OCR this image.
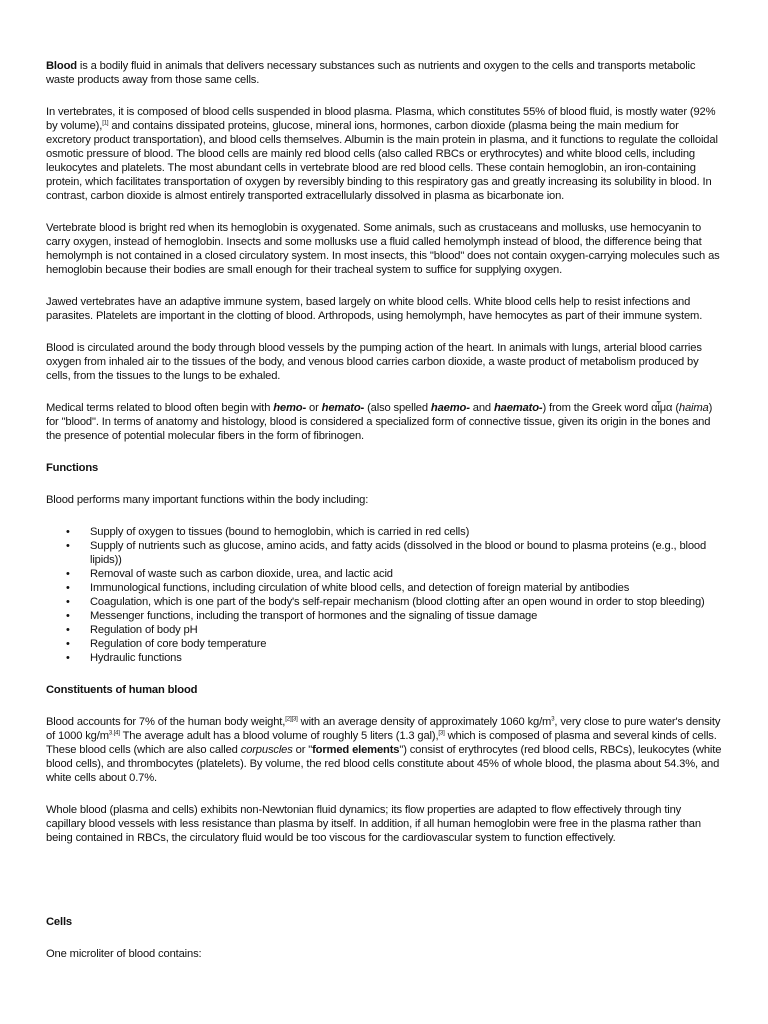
Blood is a bodily fluid in animals that delivers necessary substances such as nutrients and oxygen to the cells and transports metabolic waste products away from those same cells.

In vertebrates, it is composed of blood cells suspended in blood plasma. Plasma, which constitutes 55% of blood fluid, is mostly water (92% by volume),[1] and contains dissipated proteins, glucose, mineral ions, hormones, carbon dioxide (plasma being the main medium for excretory product transportation), and blood cells themselves. Albumin is the main protein in plasma, and it functions to regulate the colloidal osmotic pressure of blood. The blood cells are mainly red blood cells (also called RBCs or erythrocytes) and white blood cells, including leukocytes and platelets. The most abundant cells in vertebrate blood are red blood cells. These contain hemoglobin, an iron-containing protein, which facilitates transportation of oxygen by reversibly binding to this respiratory gas and greatly increasing its solubility in blood. In contrast, carbon dioxide is almost entirely transported extracellularly dissolved in plasma as bicarbonate ion.

Vertebrate blood is bright red when its hemoglobin is oxygenated. Some animals, such as crustaceans and mollusks, use hemocyanin to carry oxygen, instead of hemoglobin. Insects and some mollusks use a fluid called hemolymph instead of blood, the difference being that hemolymph is not contained in a closed circulatory system. In most insects, this "blood" does not contain oxygen-carrying molecules such as hemoglobin because their bodies are small enough for their tracheal system to suffice for supplying oxygen.

Jawed vertebrates have an adaptive immune system, based largely on white blood cells. White blood cells help to resist infections and parasites. Platelets are important in the clotting of blood. Arthropods, using hemolymph, have hemocytes as part of their immune system.

Blood is circulated around the body through blood vessels by the pumping action of the heart. In animals with lungs, arterial blood carries oxygen from inhaled air to the tissues of the body, and venous blood carries carbon dioxide, a waste product of metabolism produced by cells, from the tissues to the lungs to be exhaled.

Medical terms related to blood often begin with hemo- or hemato- (also spelled haemo- and haemato-) from the Greek word αἷμα (haima) for "blood". In terms of anatomy and histology, blood is considered a specialized form of connective tissue, given its origin in the bones and the presence of potential molecular fibers in the form of fibrinogen.

Functions

Blood performs many important functions within the body including:

• Supply of oxygen to tissues (bound to hemoglobin, which is carried in red cells)
• Supply of nutrients such as glucose, amino acids, and fatty acids (dissolved in the blood or bound to plasma proteins (e.g., blood lipids))
• Removal of waste such as carbon dioxide, urea, and lactic acid
• Immunological functions, including circulation of white blood cells, and detection of foreign material by antibodies
• Coagulation, which is one part of the body's self-repair mechanism (blood clotting after an open wound in order to stop bleeding)
• Messenger functions, including the transport of hormones and the signaling of tissue damage
• Regulation of body pH
• Regulation of core body temperature
• Hydraulic functions
Constituents of human blood

Blood accounts for 7% of the human body weight,[2][3] with an average density of approximately 1060 $kg/m^3$, very close to pure water's density of 1000 $kg/m^{3.[4]}$ The average adult has a blood volume of roughly 5 liters (1.3 gal),[3] which is composed of plasma and several kinds of cells. These blood cells (which are also called corpuscles or "formed elements") consist of erythrocytes (red blood cells, RBCs), leukocytes (white blood cells), and thrombocytes (platelets). By volume, the red blood cells constitute about 45% of whole blood, the plasma about 54.3%, and white cells about 0.7%.

Whole blood (plasma and cells) exhibits non-Newtonian fluid dynamics; its flow properties are adapted to flow effectively through tiny capillary blood vessels with less resistance than plasma by itself. In addition, if all human hemoglobin were free in the plasma rather than being contained in RBCs, the circulatory fluid would be too viscous for the cardiovascular system to function effectively.

Cells

One microliter of blood contains:
